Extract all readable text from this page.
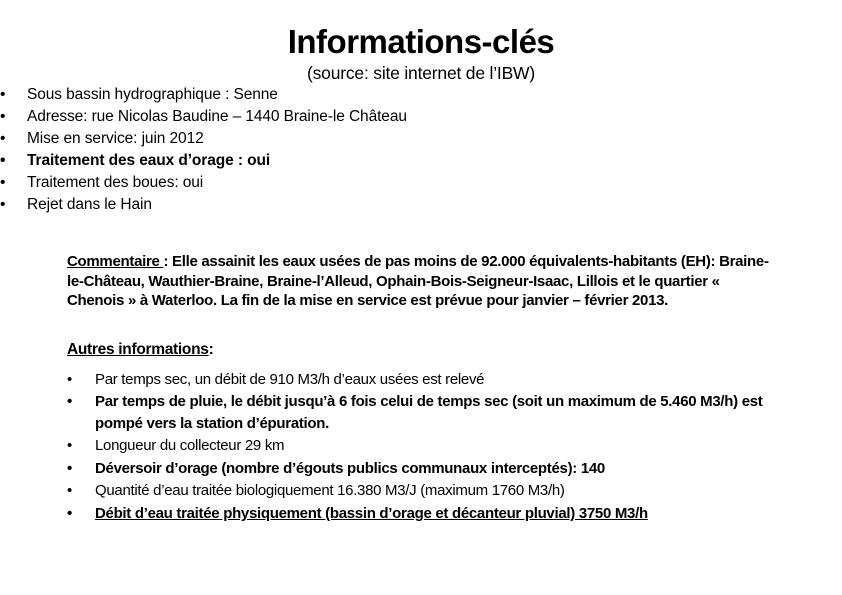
Informations-clés
(source: site internet de l’IBW)
• Sous bassin hydrographique : Senne
• Adresse: rue Nicolas Baudine – 1440 Braine-le Château
• Mise en service: juin 2012
• Traitement des eaux d’orage : oui
• Traitement des boues: oui
• Rejet dans le Hain

Commentaire : Elle assainit les eaux usées de pas moins de 92.000 équivalents-habitants (EH): Braine-le-Château, Wauthier-Braine, Braine-l’Alleud, Ophain-Bois-Seigneur-Isaac, Lillois et le quartier « Chenois » à Waterloo. La fin de la mise en service est prévue pour janvier – février 2013.

Autres informations:
• Par temps sec, un débit de 910 M3/h d’eaux usées est relevé
• Par temps de pluie, le débit jusqu’à 6 fois celui de temps sec (soit un maximum de 5.460 M3/h) est pompé vers la station d’épuration.
• Longueur du collecteur 29 km
• Déversoir d’orage (nombre d’égouts publics communaux interceptés): 140
• Quantité d’eau traitée biologiquement 16.380 M3/J (maximum 1760 M3/h)
• Débit d’eau traitée physiquement (bassin d’orage et décanteur pluvial) 3750 M3/h
